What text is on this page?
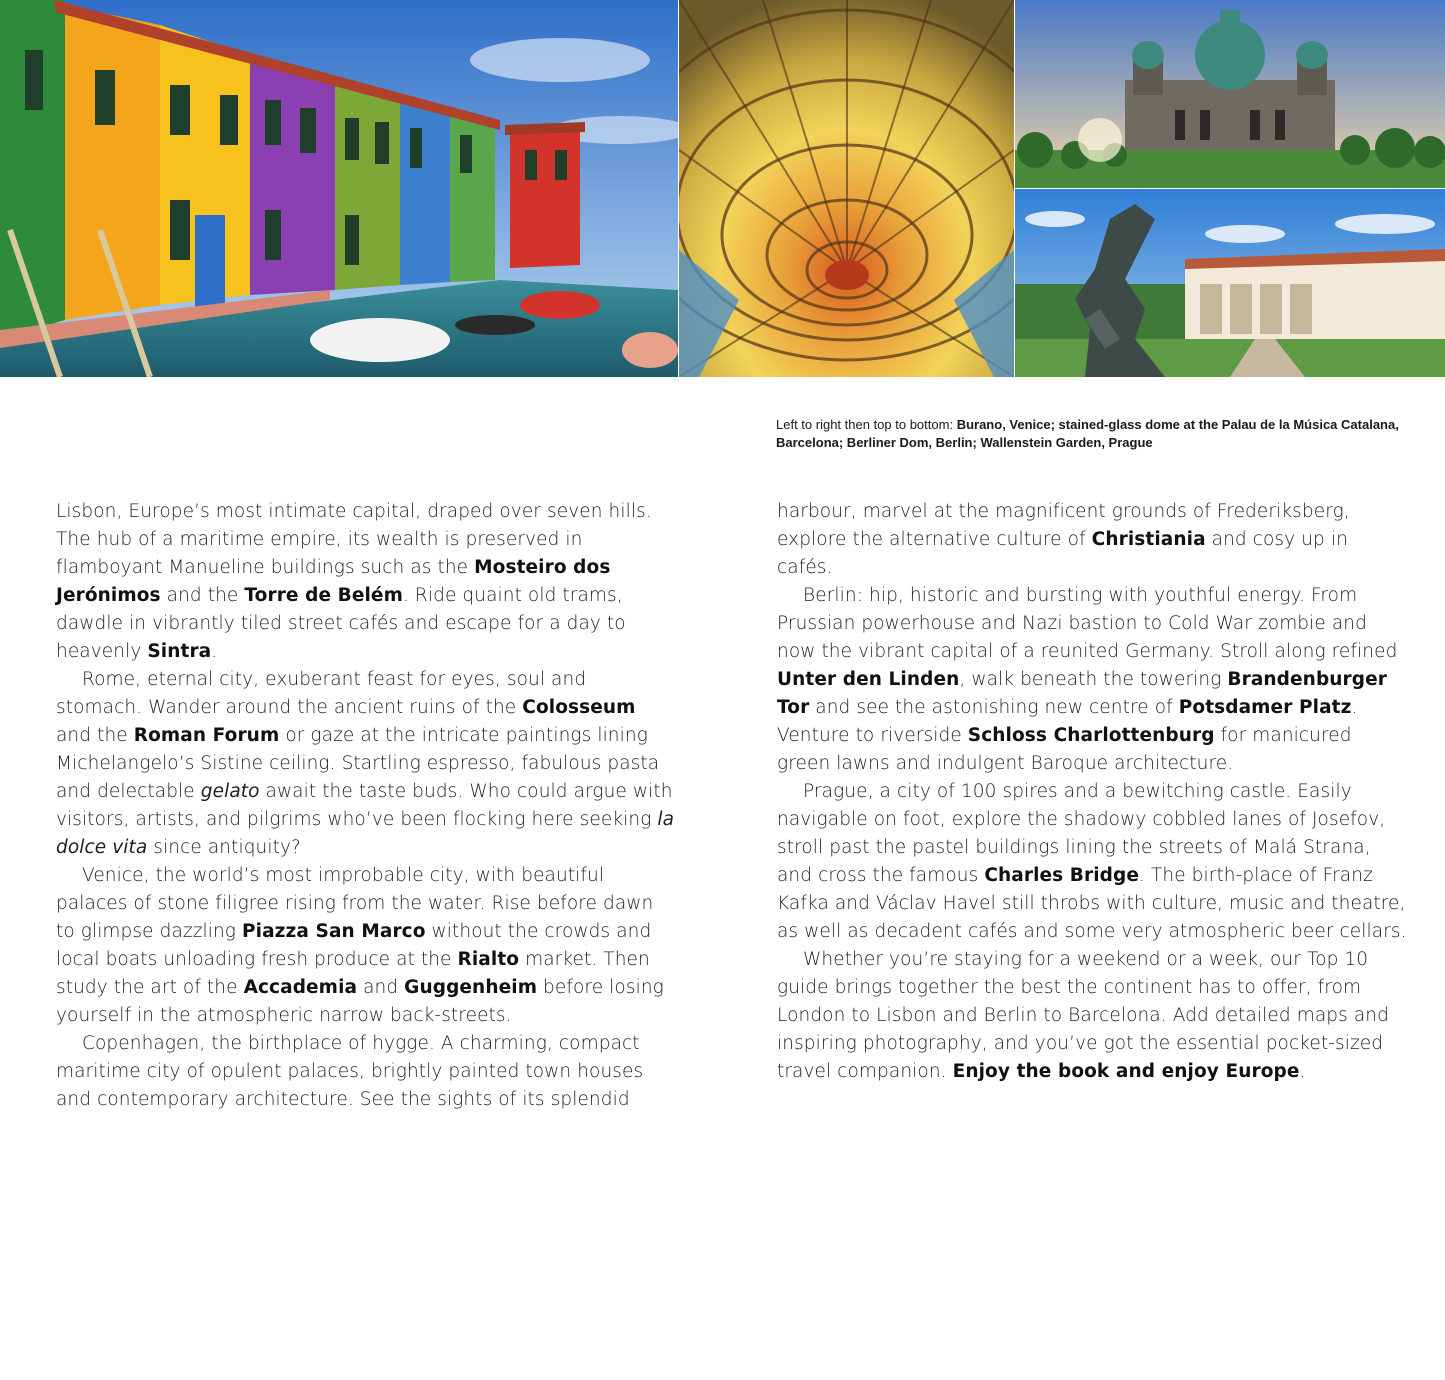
Left to right then top to bottom: Burano, Venice; stained-glass dome at the Palau de la Música Catalana, Barcelona; Berliner Dom, Berlin; Wallenstein Garden, Prague

Lisbon, Europe’s most intimate capital, draped over seven hills. The hub of a maritime empire, its wealth is preserved in flamboyant Manueline buildings such as the Mosteiro dos Jerónimos and the Torre de Belém. Ride quaint old trams, dawdle in vibrantly tiled street cafés and escape for a day to heavenly Sintra.

Rome, eternal city, exuberant feast for eyes, soul and stomach. Wander around the ancient ruins of the Colosseum and the Roman Forum or gaze at the intricate paintings lining Michelangelo’s Sistine ceiling. Startling espresso, fabulous pasta and delectable gelato await the taste buds. Who could argue with visitors, artists, and pilgrims who’ve been flocking here seeking la dolce vita since antiquity?

Venice, the world’s most improbable city, with beautiful palaces of stone filigree rising from the water. Rise before dawn to glimpse dazzling Piazza San Marco without the crowds and local boats unloading fresh produce at the Rialto market. Then study the art of the Accademia and Guggenheim before losing yourself in the atmospheric narrow back-streets.

Copenhagen, the birthplace of hygge. A charming, compact maritime city of opulent palaces, brightly painted town houses and contemporary architecture. See the sights of its splendid

harbour, marvel at the magnificent grounds of Frederiksberg, explore the alternative culture of Christiania and cosy up in cafés.

Berlin: hip, historic and bursting with youthful energy. From Prussian powerhouse and Nazi bastion to Cold War zombie and now the vibrant capital of a reunited Germany. Stroll along refined Unter den Linden, walk beneath the towering Brandenburger Tor and see the astonishing new centre of Potsdamer Platz. Venture to riverside Schloss Charlottenburg for manicured green lawns and indulgent Baroque architecture.

Prague, a city of 100 spires and a bewitching castle. Easily navigable on foot, explore the shadowy cobbled lanes of Josefov, stroll past the pastel buildings lining the streets of Malá Strana, and cross the famous Charles Bridge. The birth-place of Franz Kafka and Václav Havel still throbs with culture, music and theatre, as well as decadent cafés and some very atmospheric beer cellars.

Whether you’re staying for a weekend or a week, our Top 10 guide brings together the best the continent has to offer, from London to Lisbon and Berlin to Barcelona. Add detailed maps and inspiring photography, and you’ve got the essential pocket-sized travel companion. Enjoy the book and enjoy Europe.
